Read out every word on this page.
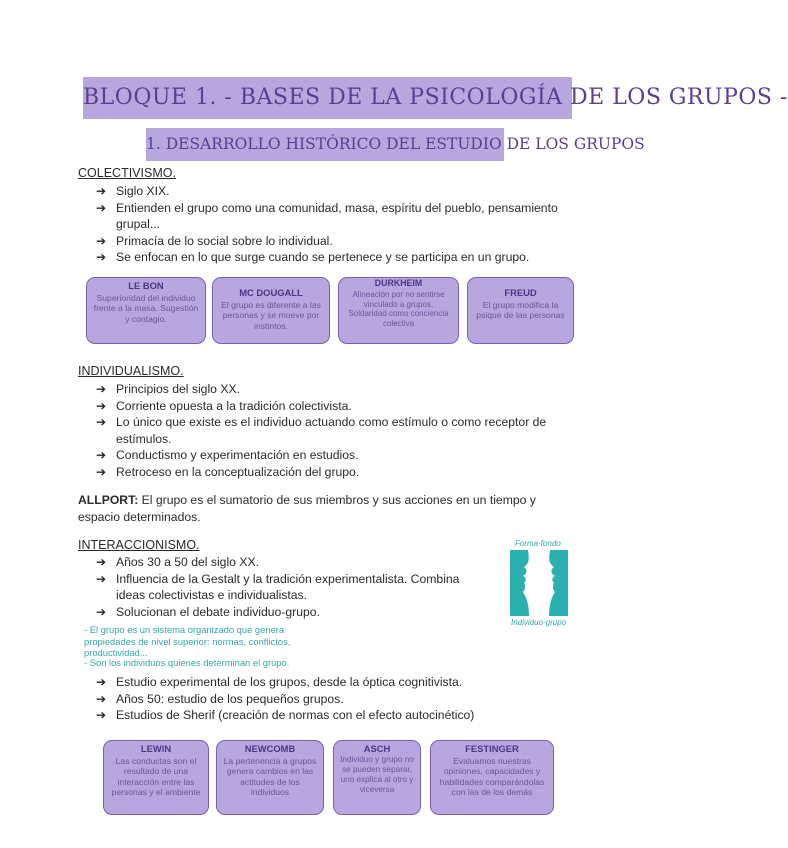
BLOQUE 1. - BASES DE LA PSICOLOGÍA DE LOS GRUPOS -
1. DESARROLLO HISTÓRICO DEL ESTUDIO DE LOS GRUPOS
COLECTIVISMO.
➔ Siglo XIX.
➔ Entienden el grupo como una comunidad, masa, espíritu del pueblo, pensamiento grupal...
➔ Primacía de lo social sobre lo individual.
➔ Se enfocan en lo que surge cuando se pertenece y se participa en un grupo.
LE BON
Superioridad del individuo frente a la masa. Sugestión y contagio.
MC DOUGALL
El grupo es diferente a las personas y se mueve por instintos.
DURKHEIM
Alineación por no sentirse vinculado a grupos. Soldaridad como conciencia colectiva
FREUD
El grupo modifica la psique de las personas
INDIVIDUALISMO.
➔ Principios del siglo XX.
➔ Corriente opuesta a la tradición colectivista.
➔ Lo único que existe es el individuo actuando como estímulo o como receptor de estímulos.
➔ Conductismo y experimentación en estudios.
➔ Retroceso en la conceptualización del grupo.
ALLPORT: El grupo es el sumatorio de sus miembros y sus acciones en un tiempo y espacio determinados.
INTERACCIONISMO.
➔ Años 30 a 50 del siglo XX.
➔ Influencia de la Gestalt y la tradición experimentalista. Combina ideas colectivistas e individualistas.
➔ Solucionan el debate individuo-grupo.
Forma-fondo
Individuo-grupo
- El grupo es un sistema organizado que genera propiedades de nivel superior: normas, conflictos, productividad...
- Son los individuos quienes determinan el grupo.
➔ Estudio experimental de los grupos, desde la óptica cognitivista.
➔ Años 50: estudio de los pequeños grupos.
➔ Estudios de Sherif (creación de normas con el efecto autocinético)
LEWIN
Las conductas son el resultado de una interacción entre las personas y el ambiente
NEWCOMB
La pertenencia a grupos genera cambios en las actitudes de los individuos
ASCH
Individuo y grupo no se pueden separar, uno explica al otro y viceversa
FESTINGER
Evaluamos nuestras opiniones, capacidades y habilidades comparándolas con las de los demás
